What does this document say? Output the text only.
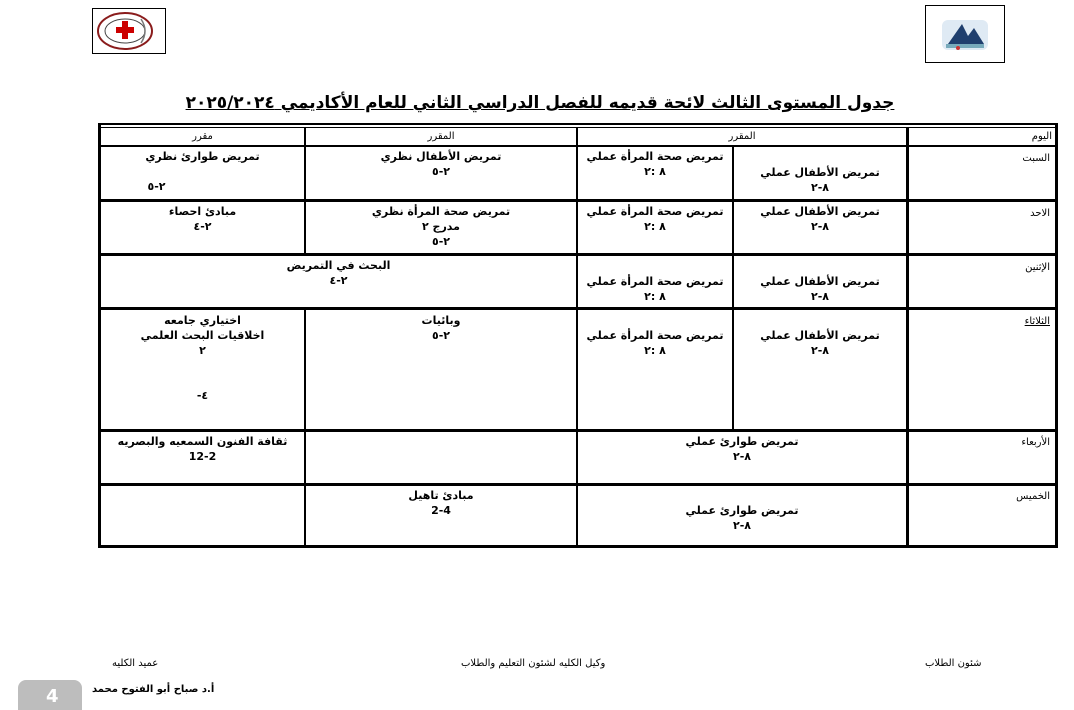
جدول المستوى الثالث لائحة قديمه للفصل الدراسي الثاني للعام الأكاديمي ٢٠٢٥/٢٠٢٤
اليوم
المقرر
المقرر
مقرر
السبت
تمريض الأطفال عملي
٨-٢
تمريض صحة المرأة عملي
٨ :٢
تمريض الأطفال نظري
٢-٥
تمريض طوارئ نظري
٢-٥
الاحد
تمريض الأطفال عملي
٨-٢
تمريض صحة المرأة عملي
٨ :٢
تمريض صحة المرأة نظري
مدرج ٢
٢-٥
مبادئ احصاء
٢-٤
الإثنين
تمريض الأطفال عملي
٨-٢
تمريض صحة المرأة عملي
٨ :٢
البحث في التمريض
٢-٤
الثلاثاء
تمريض الأطفال عملي
٨-٢
تمريض صحة المرأة عملي
٨ :٢
وبائيات
٢-٥
اختياري جامعه
اخلاقيات البحث العلمي
٢
٤-
الأربعاء
تمريض طوارئ عملي
٨-٢
ثقافة الفنون السمعيه والبصريه
12-2
الخميس
تمريض طوارئ عملي
٨-٢
مبادئ تاهيل
2-4
شئون الطلاب
وكيل الكليه لشئون التعليم والطلاب
عميد الكليه
أ.د صباح أبو الفتوح محمد
4
